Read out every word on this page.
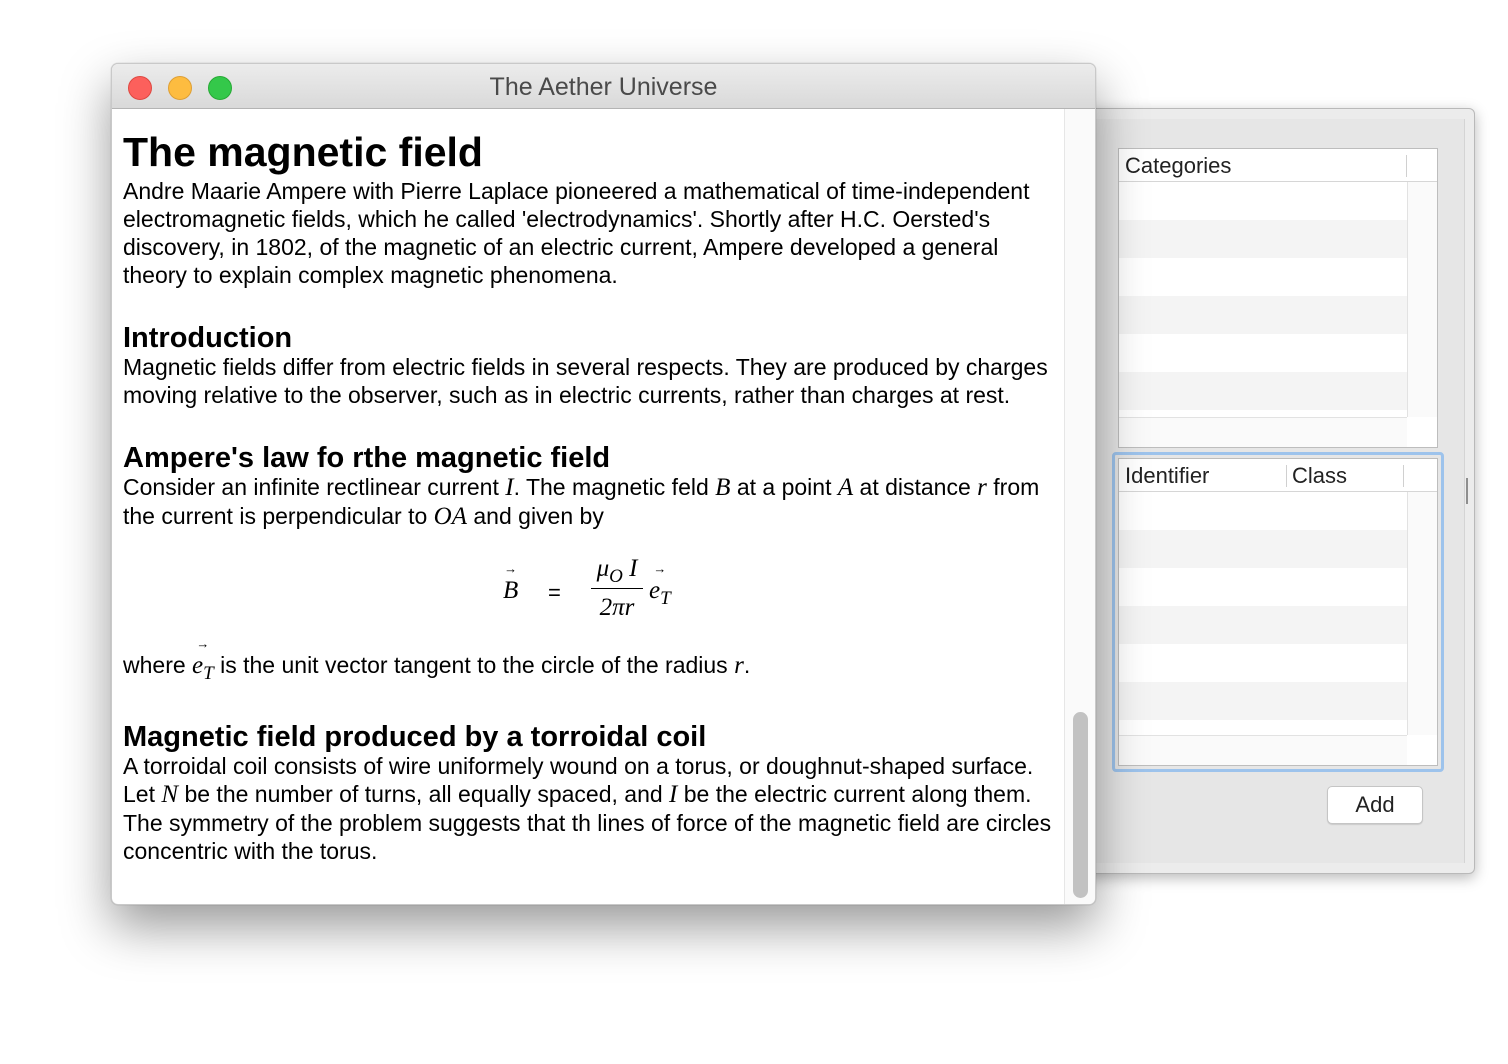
Categories
Identifier	Class
Add
The Aether Universe
The magnetic field

Andre Maarie Ampere with Pierre Laplace pioneered a mathematical of time-independent electromagnetic fields, which he called 'electrodynamics'. Shortly after H.C. Oersted's discovery, in 1802, of the magnetic of an electric current, Ampere developed a general theory to explain complex magnetic phenomena.

Introduction

Magnetic fields differ from electric fields in several respects. They are produced by charges moving relative to the observer, such as in electric currents, rather than charges at rest.

Ampere's law fo rthe magnetic field

Consider an infinite rectlinear current I. The magnetic feld B at a point A at distance r from the current is perpendicular to OA and given by

→
B =
$\mu_O$ I
2πr
→
$e_T$

where
→
$e_T$ is the unit vector tangent to the circle of the radius r.

Magnetic field produced by a torroidal coil

A torroidal coil consists of wire uniformely wound on a torus, or doughnut-shaped surface. Let N be the number of turns, all equally spaced, and I be the electric current along them. The symmetry of the problem suggests that th lines of force of the magnetic field are circles concentric with the torus.
